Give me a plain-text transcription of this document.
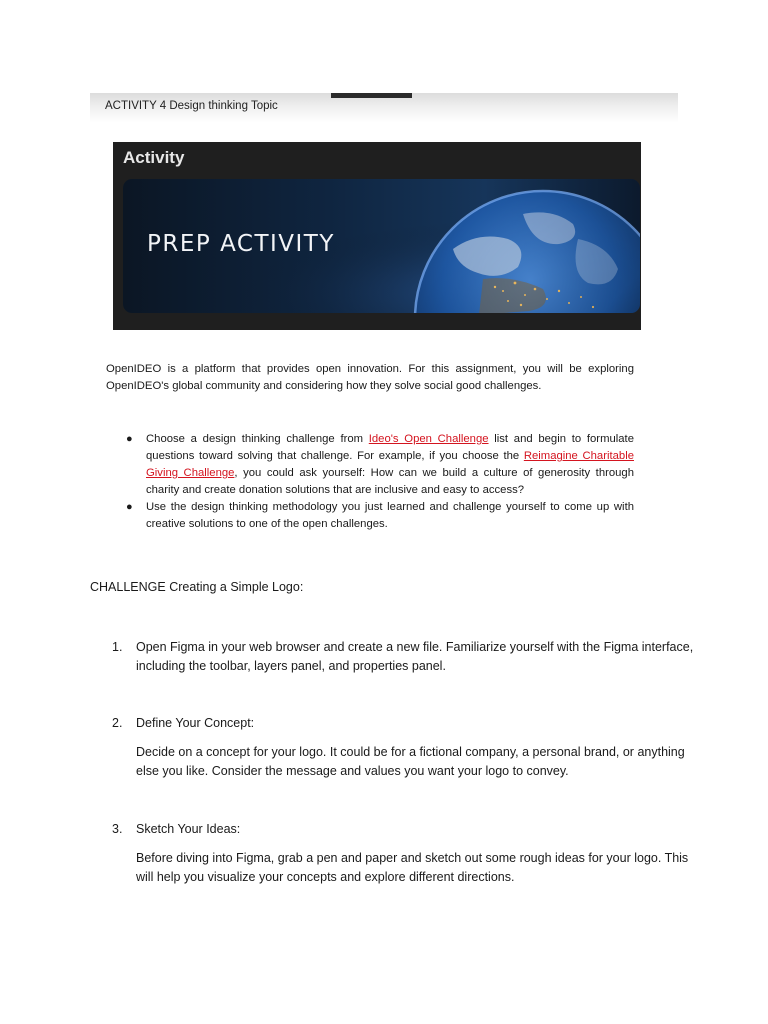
ACTIVITY 4 Design thinking Topic
Activity
PREP ACTIVITY
OpenIDEO is a platform that provides open innovation. For this assignment, you will be exploring OpenIDEO's global community and considering how they solve social good challenges.
● Choose a design thinking challenge from Ideo's Open Challenge list and begin to formulate questions toward solving that challenge. For example, if you choose the Reimagine Charitable Giving Challenge, you could ask yourself: How can we build a culture of generosity through charity and create donation solutions that are inclusive and easy to access?
● Use the design thinking methodology you just learned and challenge yourself to come up with creative solutions to one of the open challenges.
CHALLENGE Creating a Simple Logo:
1. Open Figma in your web browser and create a new file. Familiarize yourself with the Figma interface, including the toolbar, layers panel, and properties panel.

2. Define Your Concept:

Decide on a concept for your logo. It could be for a fictional company, a personal brand, or anything else you like. Consider the message and values you want your logo to convey.

3. Sketch Your Ideas:

Before diving into Figma, grab a pen and paper and sketch out some rough ideas for your logo. This will help you visualize your concepts and explore different directions.
